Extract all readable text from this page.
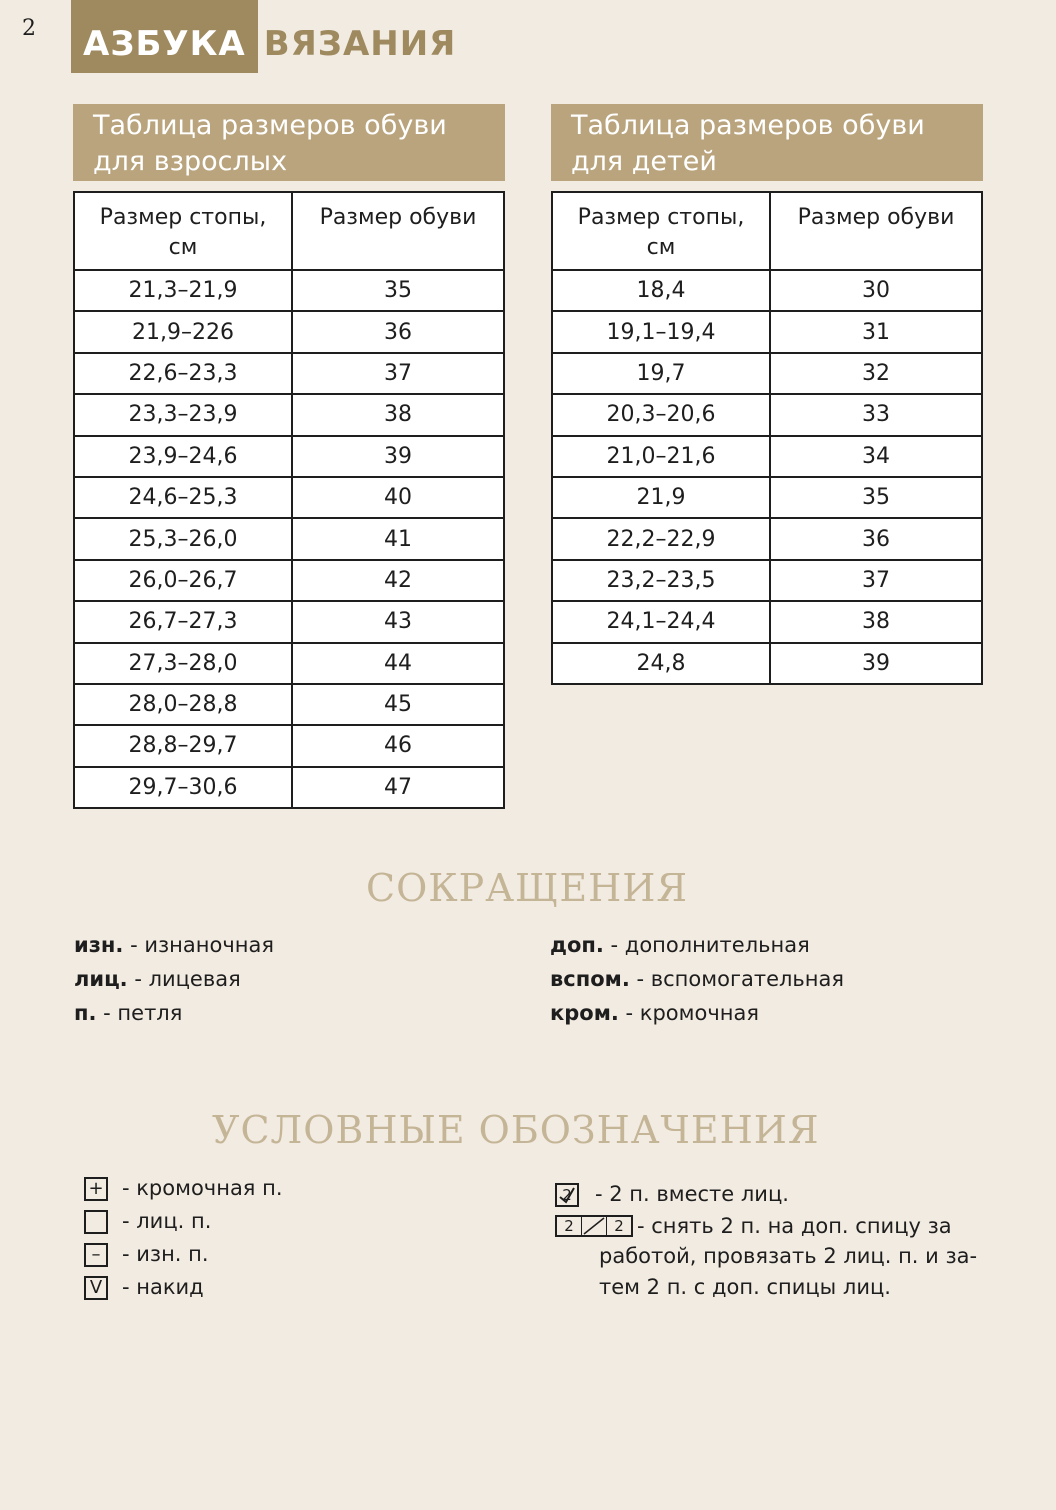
2	АЗБУКА ВЯЗАНИЯ
Таблица размеров обуви
для взрослых
Размер стопы,
см	Размер обуви
21,3–21,9	35
21,9–226	36
22,6–23,3	37
23,3–23,9	38
23,9–24,6	39
24,6–25,3	40
25,3–26,0	41
26,0–26,7	42
26,7–27,3	43
27,3–28,0	44
28,0–28,8	45
28,8–29,7	46
29,7–30,6	47
Таблица размеров обуви
для детей
Размер стопы,
см	Размер обуви
18,4	30
19,1–19,4	31
19,7	32
20,3–20,6	33
21,0–21,6	34
21,9	35
22,2–22,9	36
23,2–23,5	37
24,1–24,4	38
24,8	39
СОКРАЩЕНИЯ
изн. - изнаночная
лиц. - лицевая
п. - петля
доп. - дополнительная
вспом. - вспомогательная
кром. - кромочная
УСЛОВНЫЕ ОБОЗНАЧЕНИЯ
+ - кромочная п.
- лиц. п.
–	- изн. п.
V - накид
2	- 2 п. вместе лиц.
2	2 - снять 2 п. на доп. спицу за
работой, провязать 2 лиц. п. и за-
тем 2 п. с доп. спицы лиц.
